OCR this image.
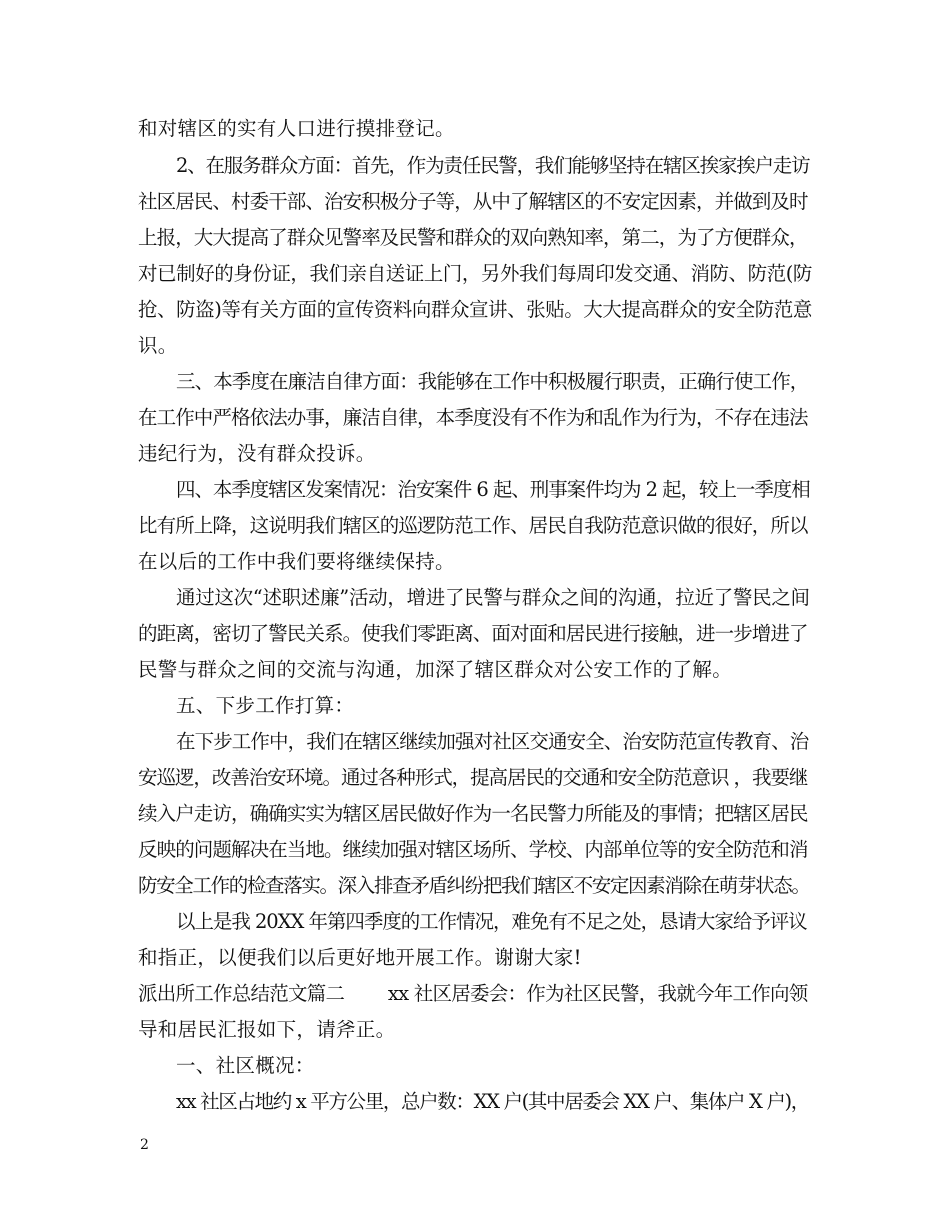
和对辖区的实有人口进行摸排登记。
2、在服务群众方面：首先，作为责任民警，我们能够坚持在辖区挨家挨户走访
社区居民、村委干部、治安积极分子等，从中了解辖区的不安定因素，并做到及时
上报，大大提高了群众见警率及民警和群众的双向熟知率，第二，为了方便群众，
对已制好的身份证，我们亲自送证上门，另外我们每周印发交通、消防、防范(防
抢、防盗)等有关方面的宣传资料向群众宣讲、张贴。大大提高群众的安全防范意
识。
三、本季度在廉洁自律方面：我能够在工作中积极履行职责，正确行使工作，
在工作中严格依法办事，廉洁自律，本季度没有不作为和乱作为行为，不存在违法
违纪行为，没有群众投诉。
四、本季度辖区发案情况：治安案件 6 起、刑事案件均为 2 起，较上一季度相
比有所上降，这说明我们辖区的巡逻防范工作、居民自我防范意识做的很好，所以
在以后的工作中我们要将继续保持。
通过这次“述职述廉”活动，增进了民警与群众之间的沟通，拉近了警民之间
的距离，密切了警民关系。使我们零距离、面对面和居民进行接触，进一步增进了
民警与群众之间的交流与沟通，加深了辖区群众对公安工作的了解。
五、下步工作打算：
在下步工作中，我们在辖区继续加强对社区交通安全、治安防范宣传教育、治
安巡逻，改善治安环境。通过各种形式，提高居民的交通和安全防范意识 ，我要继
续入户走访，确确实实为辖区居民做好作为一名民警力所能及的事情；把辖区居民
反映的问题解决在当地。继续加强对辖区场所、学校、内部单位等的安全防范和消
防安全工作的检查落实。深入排查矛盾纠纷把我们辖区不安定因素消除在萌芽状态。
以上是我 20XX 年第四季度的工作情况，难免有不足之处，恳请大家给予评议
和指正，以便我们以后更好地开展工作。谢谢大家!
派出所工作总结范文篇二        xx 社区居委会：作为社区民警，我就今年工作向领
导和居民汇报如下，请斧正。
一、社区概况：
xx 社区占地约 x 平方公里，总户数：XX 户(其中居委会 XX 户、集体户 X 户)，
2
